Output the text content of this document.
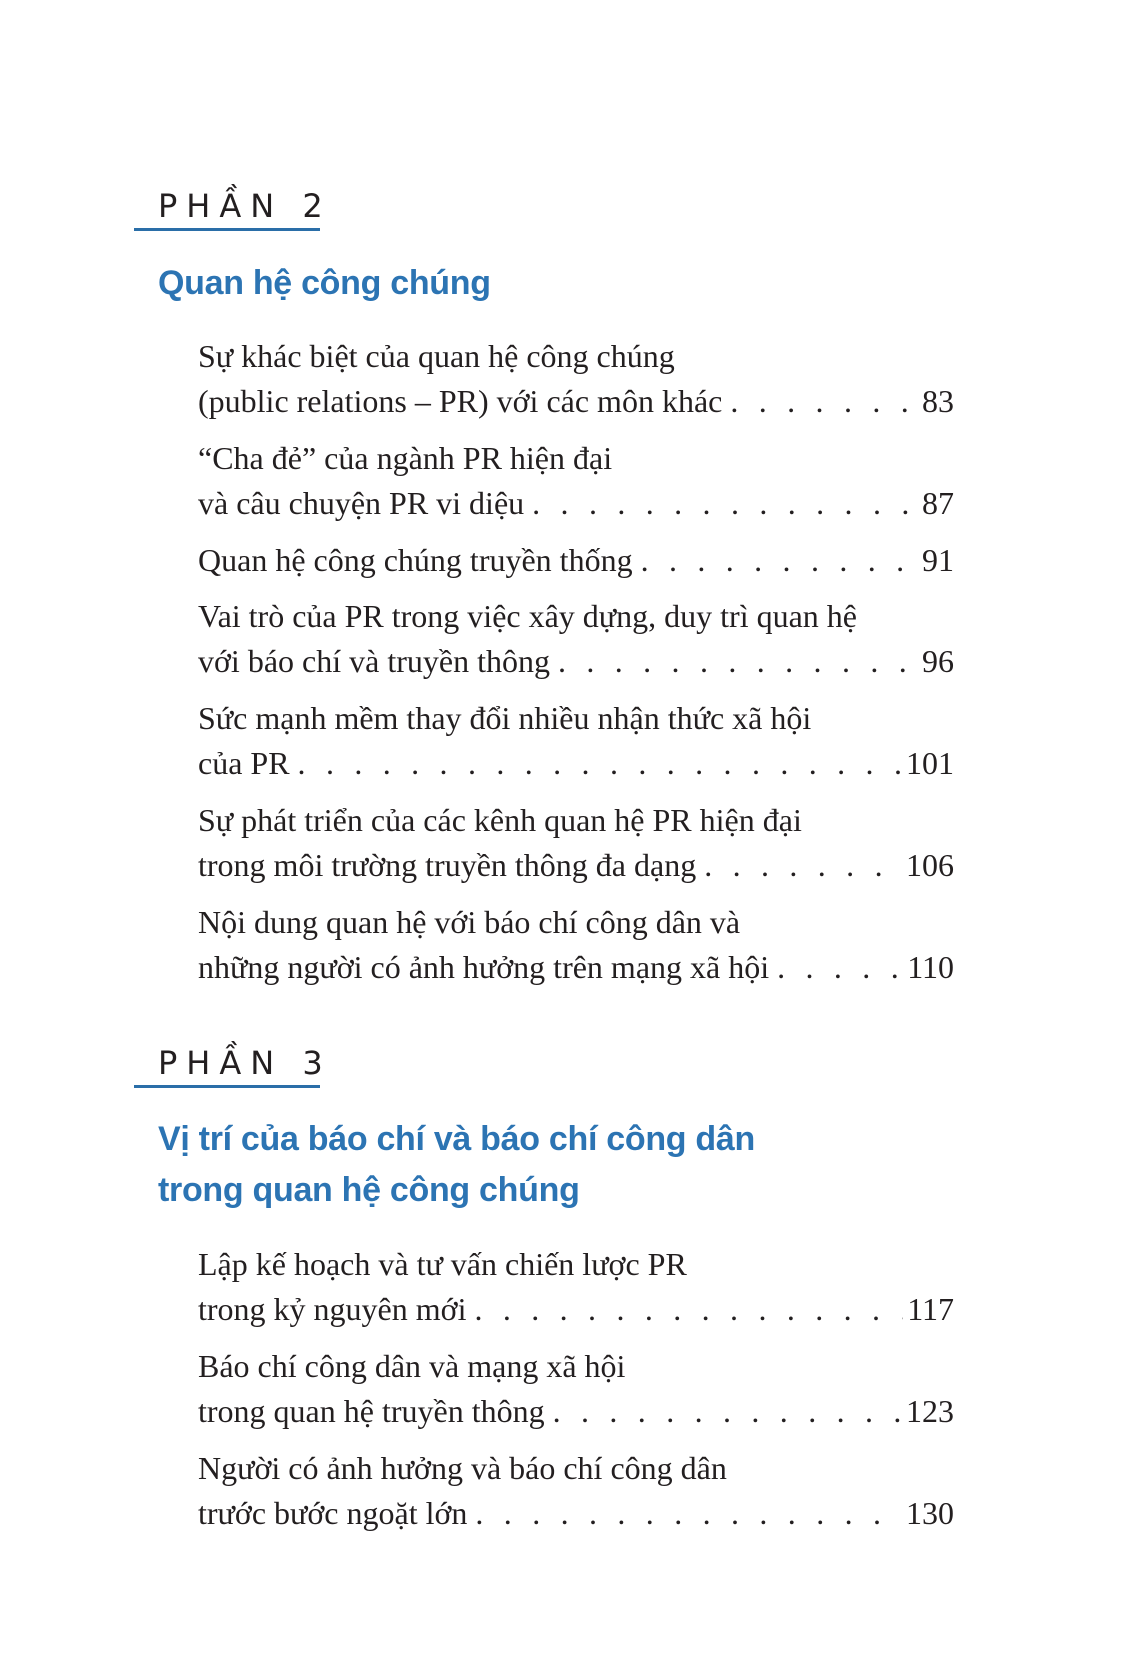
PHẦN 2
Quan hệ công chúng
Sự khác biệt của quan hệ công chúng
(public relations – PR) với các môn khác . . .	83
“Cha đẻ” của ngành PR hiện đại
và câu chuyện PR vi diệu . . .	87
Quan hệ công chúng truyền thống . . .	91
Vai trò của PR trong việc xây dựng, duy trì quan hệ
với báo chí và truyền thông . . .	96
Sức mạnh mềm thay đổi nhiều nhận thức xã hội
của PR . . .	101
Sự phát triển của các kênh quan hệ PR hiện đại
trong môi trường truyền thông đa dạng . . .	106
Nội dung quan hệ với báo chí công dân và
những người có ảnh hưởng trên mạng xã hội . . .	110
PHẦN 3
Vị trí của báo chí và báo chí công dân
trong quan hệ công chúng
Lập kế hoạch và tư vấn chiến lược PR
trong kỷ nguyên mới . . .	117
Báo chí công dân và mạng xã hội
trong quan hệ truyền thông . . .	123
Người có ảnh hưởng và báo chí công dân
trước bước ngoặt lớn . . .	130
